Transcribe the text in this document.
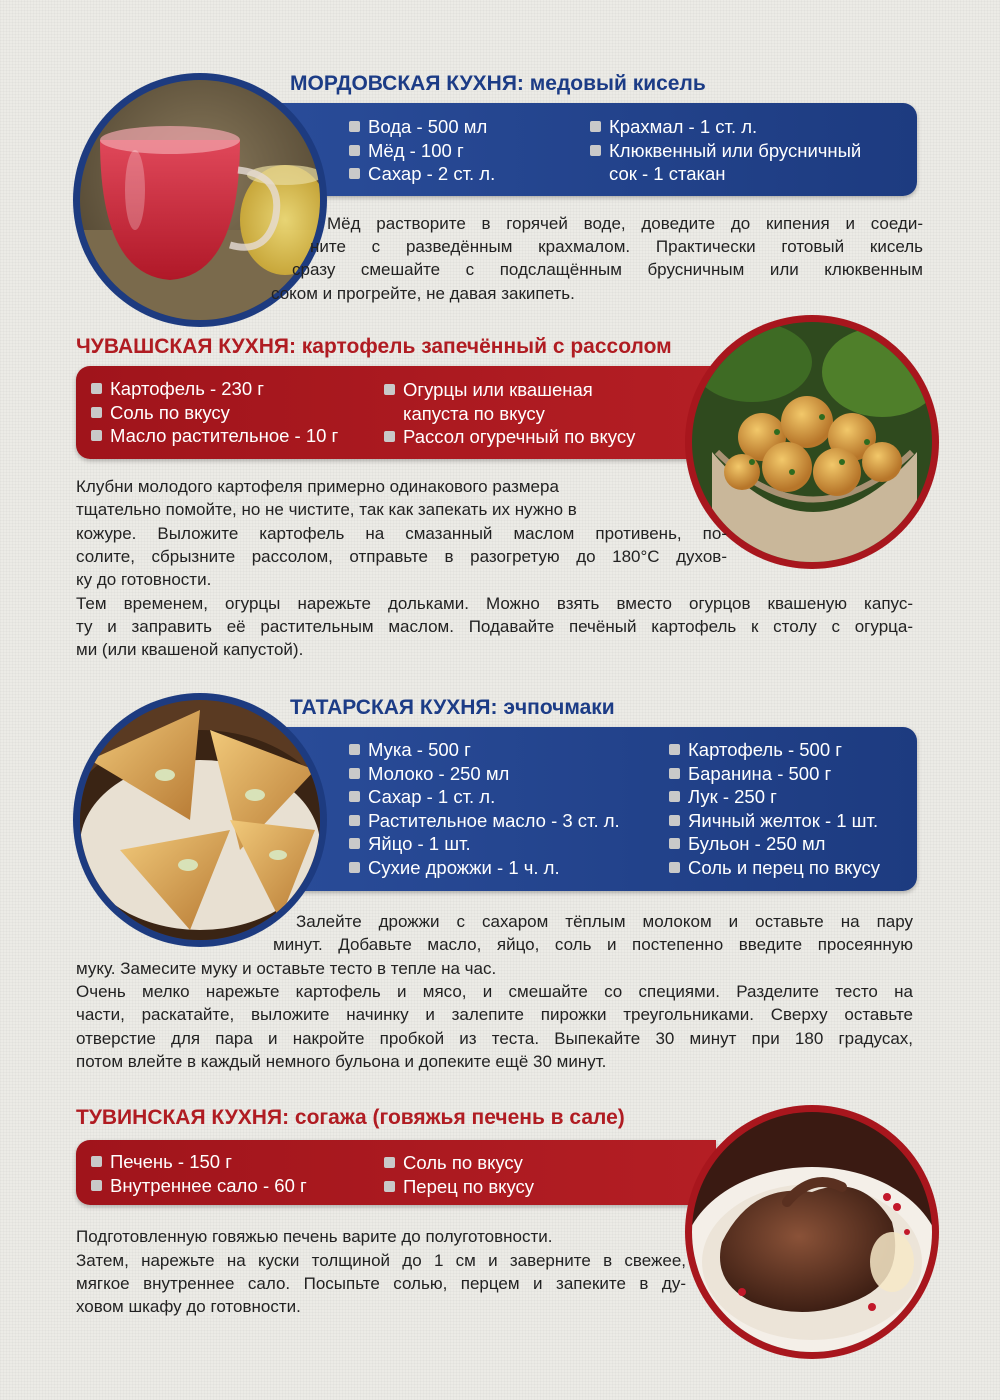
МОРДОВСКАЯ КУХНЯ: медовый кисель
Вода - 500 мл
Мёд - 100 г
Сахар - 2 ст. л.
Крахмал - 1 ст. л.
Клюквенный или брусничный
сок - 1 стакан
Мёд растворите в горячей воде, доведите до кипения и соеди-
ните с разведённым крахмалом. Практически готовый кисель
сразу смешайте с подслащённым брусничным или клюквенным
соком и прогрейте, не давая закипеть.
ЧУВАШСКАЯ КУХНЯ: картофель запечённый с рассолом
Картофель - 230 г
Соль по вкусу
Масло растительное - 10 г
Огурцы или квашеная
капуста по вкусу
Рассол огуречный по вкусу
Клубни молодого картофеля примерно одинакового размера
тщательно помойте, но не чистите, так как запекать их нужно в
кожуре. Выложите картофель на смазанный маслом противень, по-
солите, сбрызните рассолом, отправьте в разогретую до 180°С духов-
ку до готовности.
Тем временем, огурцы нарежьте дольками. Можно взять вместо огурцов квашеную капус-
ту и заправить её растительным маслом. Подавайте печёный картофель к столу с огурца-
ми (или квашеной капустой).
ТАТАРСКАЯ КУХНЯ: эчпочмаки
Мука - 500 г
Молоко - 250 мл
Сахар - 1 ст. л.
Растительное масло - 3 ст. л.
Яйцо - 1 шт.
Сухие дрожжи - 1 ч. л.
Картофель - 500 г
Баранина - 500 г
Лук - 250 г
Яичный желток - 1 шт.
Бульон - 250 мл
Соль и перец по вкусу
Залейте дрожжи с сахаром тёплым молоком и оставьте на пару
минут. Добавьте масло, яйцо, соль и постепенно введите просеянную
муку. Замесите муку и оставьте тесто в тепле на час.
Очень мелко нарежьте картофель и мясо, и смешайте со специями. Разделите тесто на
части, раскатайте, выложите начинку и залепите пирожки треугольниками. Сверху оставьте
отверстие для пара и накройте пробкой из теста. Выпекайте 30 минут при 180 градусах,
потом влейте в каждый немного бульона и допеките ещё 30 минут.
ТУВИНСКАЯ КУХНЯ: согажа (говяжья печень в сале)
Печень - 150 г
Внутреннее сало - 60 г
Соль по вкусу
Перец по вкусу
Подготовленную говяжью печень варите до полуготовности.
Затем, нарежьте на куски толщиной до 1 см и заверните в свежее,
мягкое внутреннее сало. Посыпьте солью, перцем и запеките в ду-
ховом шкафу до готовности.
